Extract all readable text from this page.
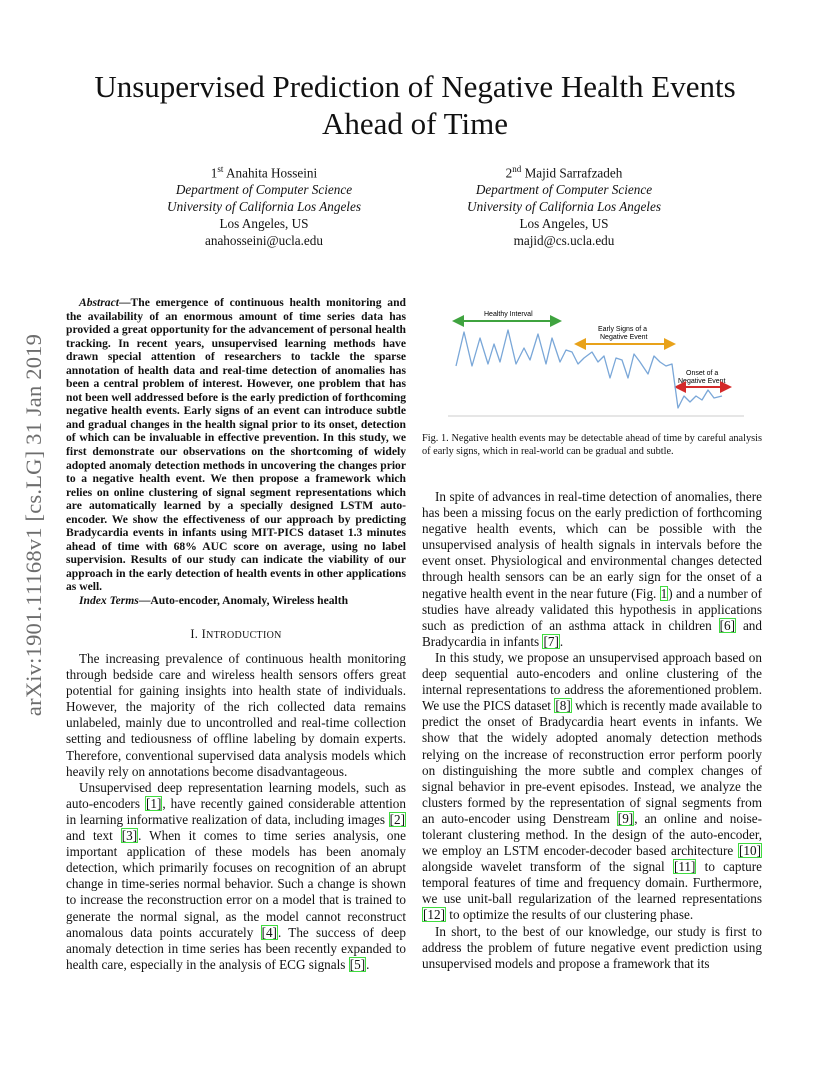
arXiv:1901.11168v1 [cs.LG] 31 Jan 2019
Unsupervised Prediction of Negative Health Events Ahead of Time
1st Anahita Hosseini
Department of Computer Science
University of California Los Angeles
Los Angeles, US
anahosseini@ucla.edu
2nd Majid Sarrafzadeh
Department of Computer Science
University of California Los Angeles
Los Angeles, US
majid@cs.ucla.edu

Abstract—The emergence of continuous health monitoring and the availability of an enormous amount of time series data has provided a great opportunity for the advancement of personal health tracking. In recent years, unsupervised learning methods have drawn special attention of researchers to tackle the sparse annotation of health data and real-time detection of anomalies has been a central problem of interest. However, one problem that has not been well addressed before is the early prediction of forthcoming negative health events. Early signs of an event can introduce subtle and gradual changes in the health signal prior to its onset, detection of which can be invaluable in effective prevention. In this study, we first demonstrate our observations on the shortcoming of widely adopted anomaly detection methods in uncovering the changes prior to a negative health event. We then propose a framework which relies on online clustering of signal segment representations which are automatically learned by a specially designed LSTM auto-encoder. We show the effectiveness of our approach by predicting Bradycardia events in infants using MIT-PICS dataset 1.3 minutes ahead of time with 68% AUC score on average, using no label supervision. Results of our study can indicate the viability of our approach in the early detection of health events in other applications as well.

Index Terms—Auto-encoder, Anomaly, Wireless health

I. INTRODUCTION

The increasing prevalence of continuous health monitoring through bedside care and wireless health sensors offers great potential for gaining insights into health state of individuals. However, the majority of the rich collected data remains unlabeled, mainly due to uncontrolled and real-time collection setting and tediousness of offline labeling by domain experts. Therefore, conventional supervised data analysis models which heavily rely on annotations become disadvantageous.

Unsupervised deep representation learning models, such as auto-encoders [1], have recently gained considerable attention in learning informative realization of data, including images [2] and text [3]. When it comes to time series analysis, one important application of these models has been anomaly detection, which primarily focuses on recognition of an abrupt change in time-series normal behavior. Such a change is shown to increase the reconstruction error on a model that is trained to generate the normal signal, as the model cannot reconstruct anomalous data points accurately [4]. The success of deep anomaly detection in time series has been recently expanded to health care, especially in the analysis of ECG signals [5].

Healthy Interval
Early Signs of a
Negative Event
Onset of a
Negative Event
Fig. 1. Negative health events may be detectable ahead of time by careful analysis of early signs, which in real-world can be gradual and subtle.

In spite of advances in real-time detection of anomalies, there has been a missing focus on the early prediction of forthcoming negative health events, which can be possible with the unsupervised analysis of health signals in intervals before the event onset. Physiological and environmental changes detected through health sensors can be an early sign for the onset of a negative health event in the near future (Fig. 1) and a number of studies have already validated this hypothesis in applications such as prediction of an asthma attack in children [6] and Bradycardia in infants [7].

In this study, we propose an unsupervised approach based on deep sequential auto-encoders and online clustering of the internal representations to address the aforementioned problem. We use the PICS dataset [8] which is recently made available to predict the onset of Bradycardia heart events in infants. We show that the widely adopted anomaly detection methods relying on the increase of reconstruction error perform poorly on distinguishing the more subtle and complex changes of signal behavior in pre-event episodes. Instead, we analyze the clusters formed by the representation of signal segments from an auto-encoder using Denstream [9], an online and noise-tolerant clustering method. In the design of the auto-encoder, we employ an LSTM encoder-decoder based architecture [10] alongside wavelet transform of the signal [11] to capture temporal features of time and frequency domain. Furthermore, we use unit-ball regularization of the learned representations [12] to optimize the results of our clustering phase.

In short, to the best of our knowledge, our study is first to address the problem of future negative event prediction using unsupervised models and propose a framework that its
